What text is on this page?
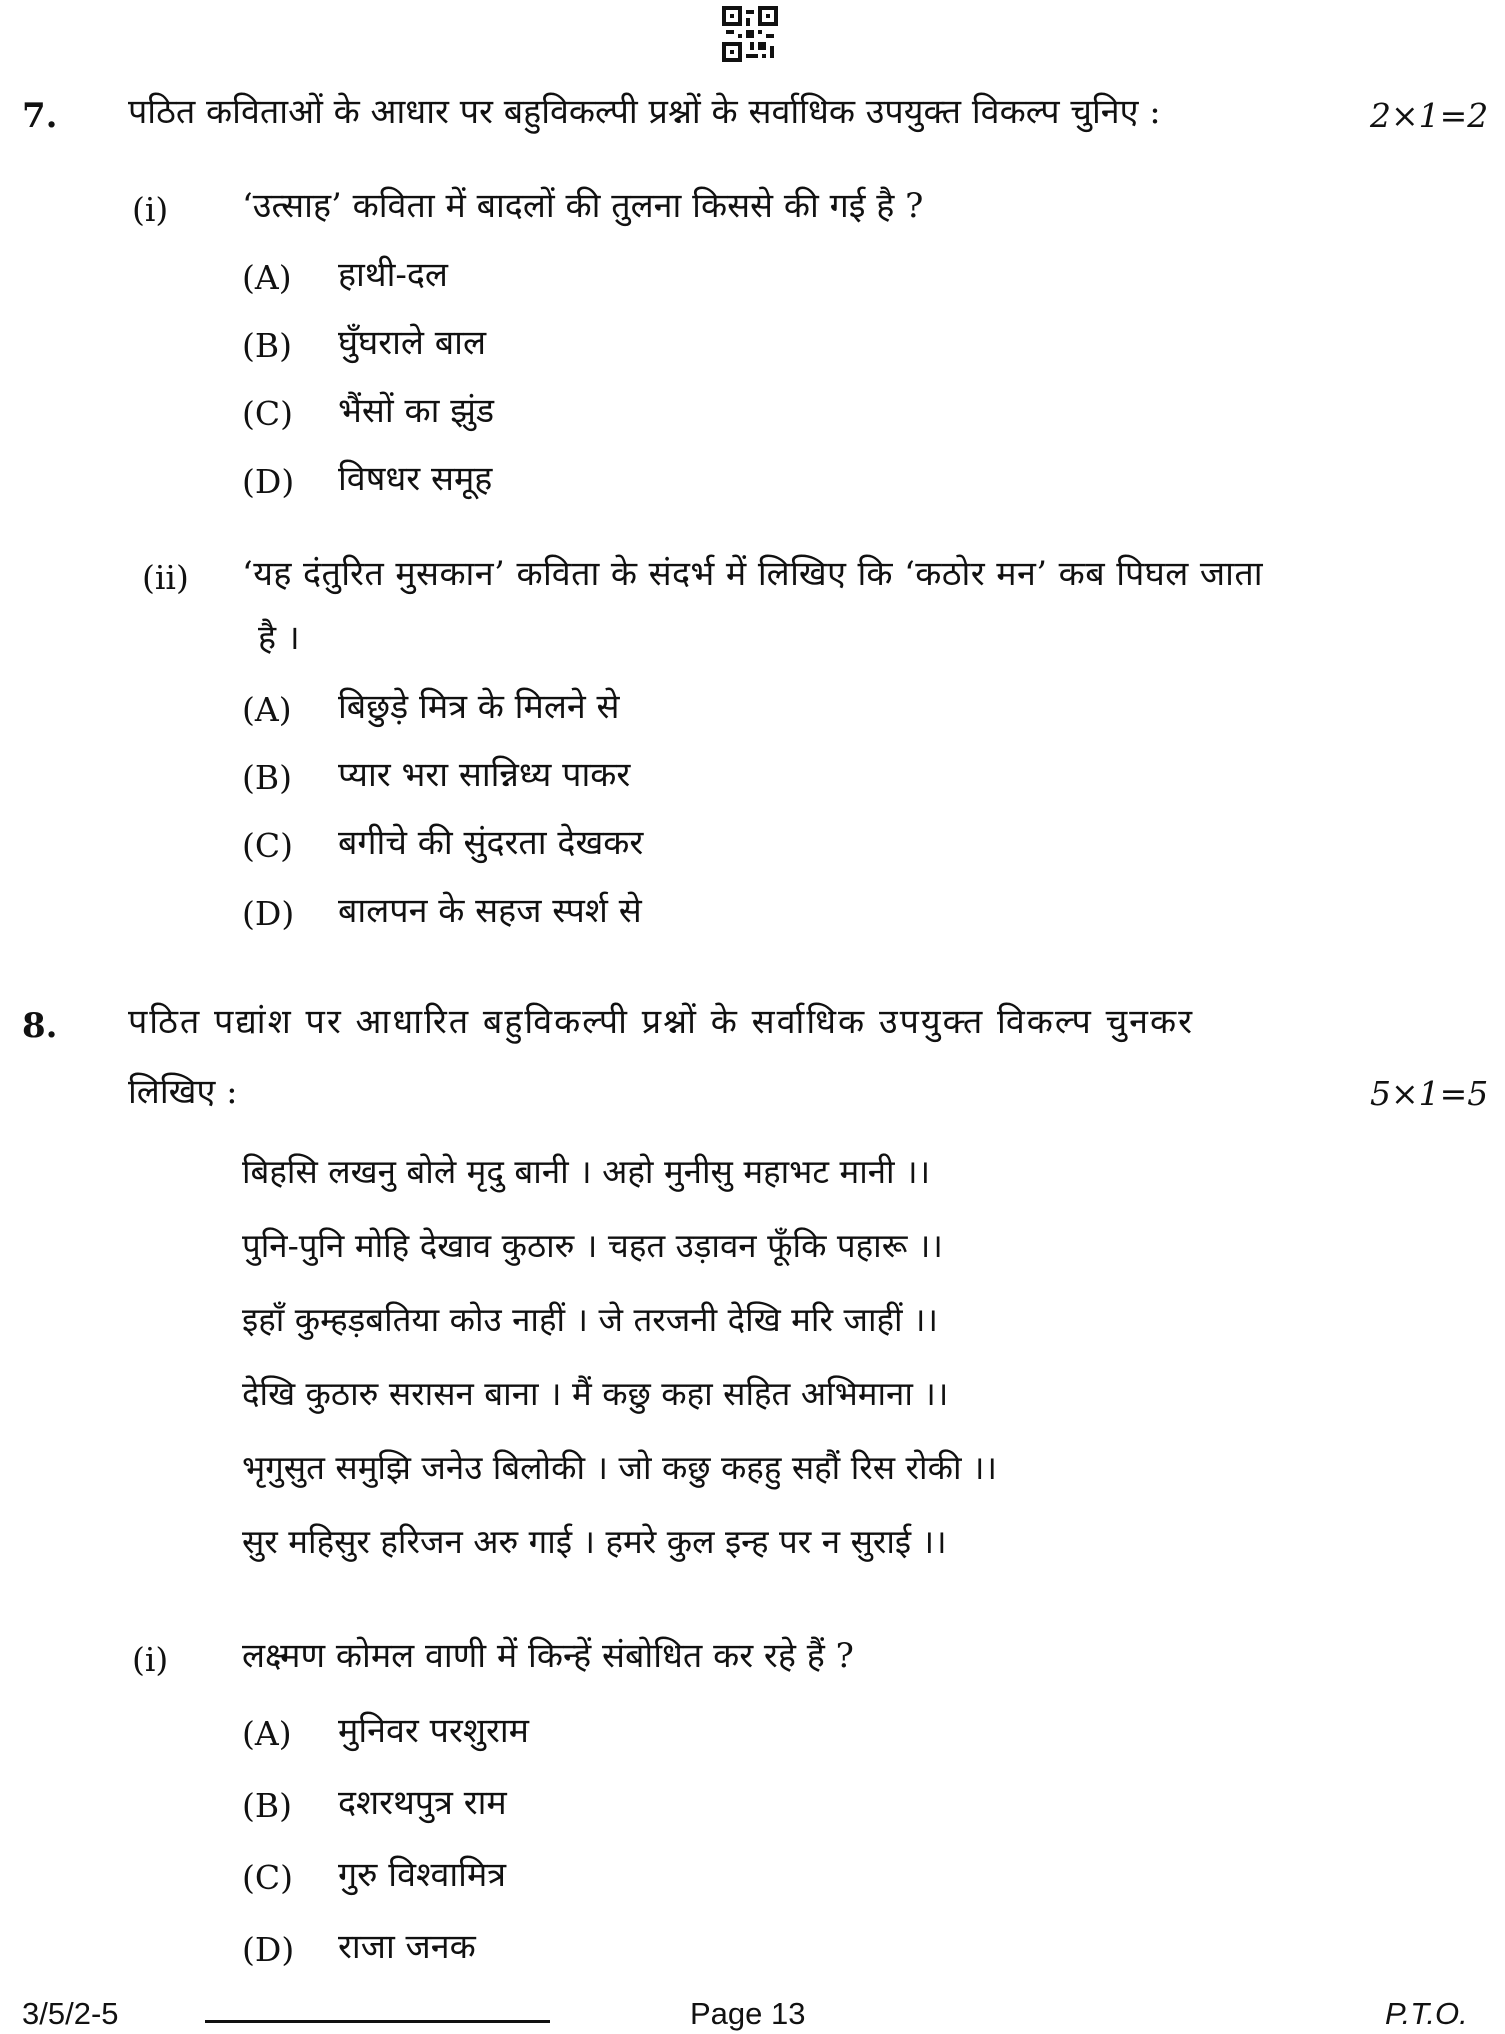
7. पठित कविताओं के आधार पर बहुविकल्पी प्रश्नों के सर्वाधिक उपयुक्त विकल्प चुनिए :	2×1=2
(i) ‘उत्साह’ कविता में बादलों की तुलना किससे की गई है ?
(A) हाथी-दल
(B) घुँघराले बाल
(C) भैंसों का झुंड
(D) विषधर समूह
(ii) ‘यह दंतुरित मुसकान’ कविता के संदर्भ में लिखिए कि ‘कठोर मन’ कब पिघल जाता
है ।
(A) बिछुड़े मित्र के मिलने से
(B) प्यार भरा सान्निध्य पाकर
(C) बगीचे की सुंदरता देखकर
(D) बालपन के सहज स्पर्श से
8. पठित पद्यांश पर आधारित बहुविकल्पी प्रश्नों के सर्वाधिक उपयुक्त विकल्प चुनकर
लिखिए :	5×1=5
बिहसि लखनु बोले मृदु बानी । अहो मुनीसु महाभट मानी ।।
पुनि-पुनि मोहि देखाव कुठारु । चहत उड़ावन फूँकि पहारू ।।
इहाँ कुम्हड़बतिया कोउ नाहीं । जे तरजनी देखि मरि जाहीं ।।
देखि कुठारु सरासन बाना । मैं कछु कहा सहित अभिमाना ।।
भृगुसुत समुझि जनेउ बिलोकी । जो कछु कहहु सहौं रिस रोकी ।।
सुर महिसुर हरिजन अरु गाई । हमरे कुल इन्ह पर न सुराई ।।
(i) लक्ष्मण कोमल वाणी में किन्हें संबोधित कर रहे हैं ?
(A) मुनिवर परशुराम
(B) दशरथपुत्र राम
(C) गुरु विश्वामित्र
(D) राजा जनक
3/5/2-5	Page 13	P.T.O.
